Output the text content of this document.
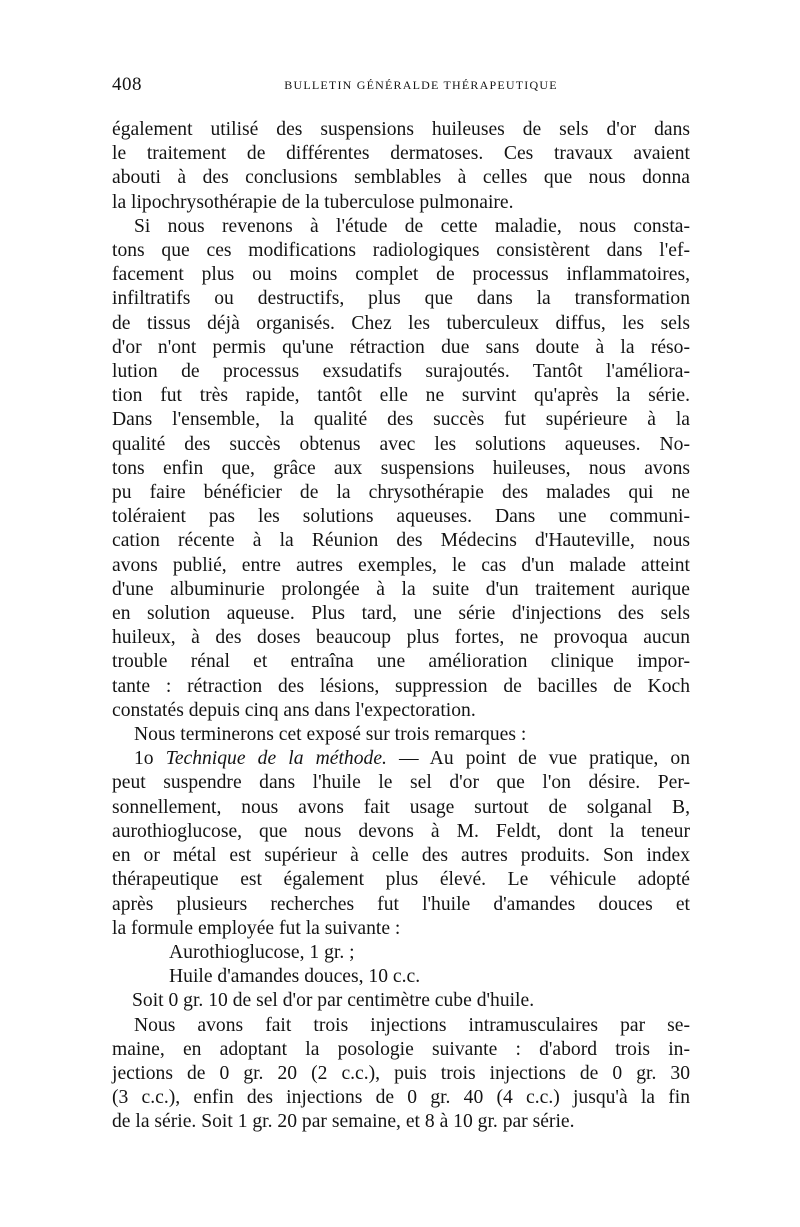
408	BULLETIN GÉNÉRALDE THÉRAPEUTIQUE

également utilisé des suspensions huileuses de sels d'or dans

le traitement de différentes dermatoses. Ces travaux avaient

abouti à des conclusions semblables à celles que nous donna

la lipochrysothérapie de la tuberculose pulmonaire.

Si nous revenons à l'étude de cette maladie, nous consta-

tons que ces modifications radiologiques consistèrent dans l'ef-

facement plus ou moins complet de processus inflammatoires,

infiltratifs ou destructifs, plus que dans la transformation

de tissus déjà organisés. Chez les tuberculeux diffus, les sels

d'or n'ont permis qu'une rétraction due sans doute à la réso-

lution de processus exsudatifs surajoutés. Tantôt l'améliora-

tion fut très rapide, tantôt elle ne survint qu'après la série.

Dans l'ensemble, la qualité des succès fut supérieure à la

qualité des succès obtenus avec les solutions aqueuses. No-

tons enfin que, grâce aux suspensions huileuses, nous avons

pu faire bénéficier de la chrysothérapie des malades qui ne

toléraient pas les solutions aqueuses. Dans une communi-

cation récente à la Réunion des Médecins d'Hauteville, nous

avons publié, entre autres exemples, le cas d'un malade atteint

d'une albuminurie prolongée à la suite d'un traitement aurique

en solution aqueuse. Plus tard, une série d'injections des sels

huileux, à des doses beaucoup plus fortes, ne provoqua aucun

trouble rénal et entraîna une amélioration clinique impor-

tante : rétraction des lésions, suppression de bacilles de Koch

constatés depuis cinq ans dans l'expectoration.

Nous terminerons cet exposé sur trois remarques :

1o Technique de la méthode. — Au point de vue pratique, on

peut suspendre dans l'huile le sel d'or que l'on désire. Per-

sonnellement, nous avons fait usage surtout de solganal B,

aurothioglucose, que nous devons à M. Feldt, dont la teneur

en or métal est supérieur à celle des autres produits. Son index

thérapeutique est également plus élevé. Le véhicule adopté

après plusieurs recherches fut l'huile d'amandes douces et

la formule employée fut la suivante :

Aurothioglucose, 1 gr. ;

Huile d'amandes douces, 10 c.c.

Soit 0 gr. 10 de sel d'or par centimètre cube d'huile.

Nous avons fait trois injections intramusculaires par se-

maine, en adoptant la posologie suivante : d'abord trois in-

jections de 0 gr. 20 (2 c.c.), puis trois injections de 0 gr. 30

(3 c.c.), enfin des injections de 0 gr. 40 (4 c.c.) jusqu'à la fin

de la série. Soit 1 gr. 20 par semaine, et 8 à 10 gr. par série.
